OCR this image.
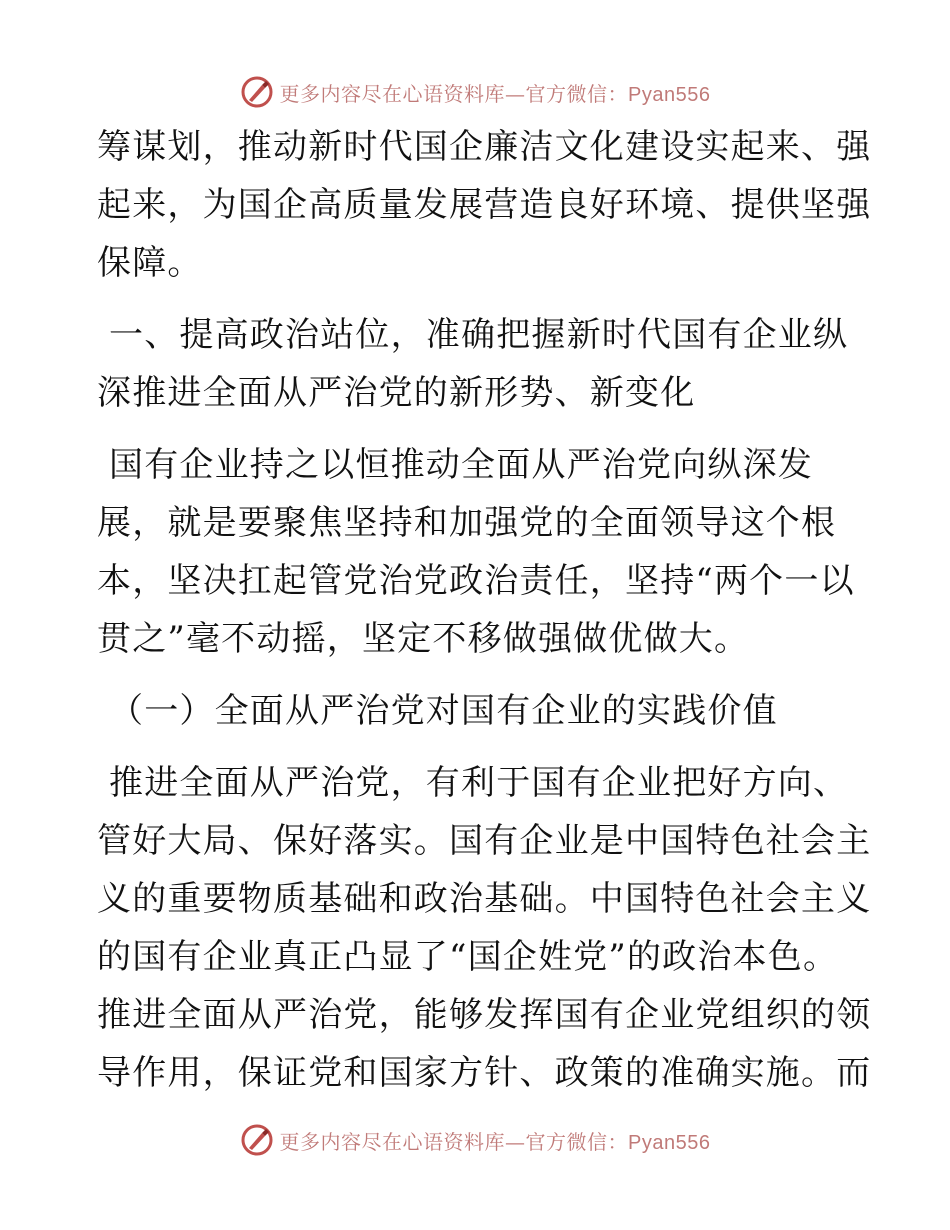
更多内容尽在心语资料库—官方微信：Pyan556
筹谋划，推动新时代国企廉洁文化建设实起来、强
起来，为国企高质量发展营造良好环境、提供坚强
保障。
一、提高政治站位，准确把握新时代国有企业纵
深推进全面从严治党的新形势、新变化
国有企业持之以恒推动全面从严治党向纵深发
展，就是要聚焦坚持和加强党的全面领导这个根
本，坚决扛起管党治党政治责任，坚持“两个一以
贯之”毫不动摇，坚定不移做强做优做大。
（一）全面从严治党对国有企业的实践价值
推进全面从严治党，有利于国有企业把好方向、
管好大局、保好落实。国有企业是中国特色社会主
义的重要物质基础和政治基础。中国特色社会主义
的国有企业真正凸显了“国企姓党”的政治本色。
推进全面从严治党，能够发挥国有企业党组织的领
导作用，保证党和国家方针、政策的准确实施。而
更多内容尽在心语资料库—官方微信：Pyan556
